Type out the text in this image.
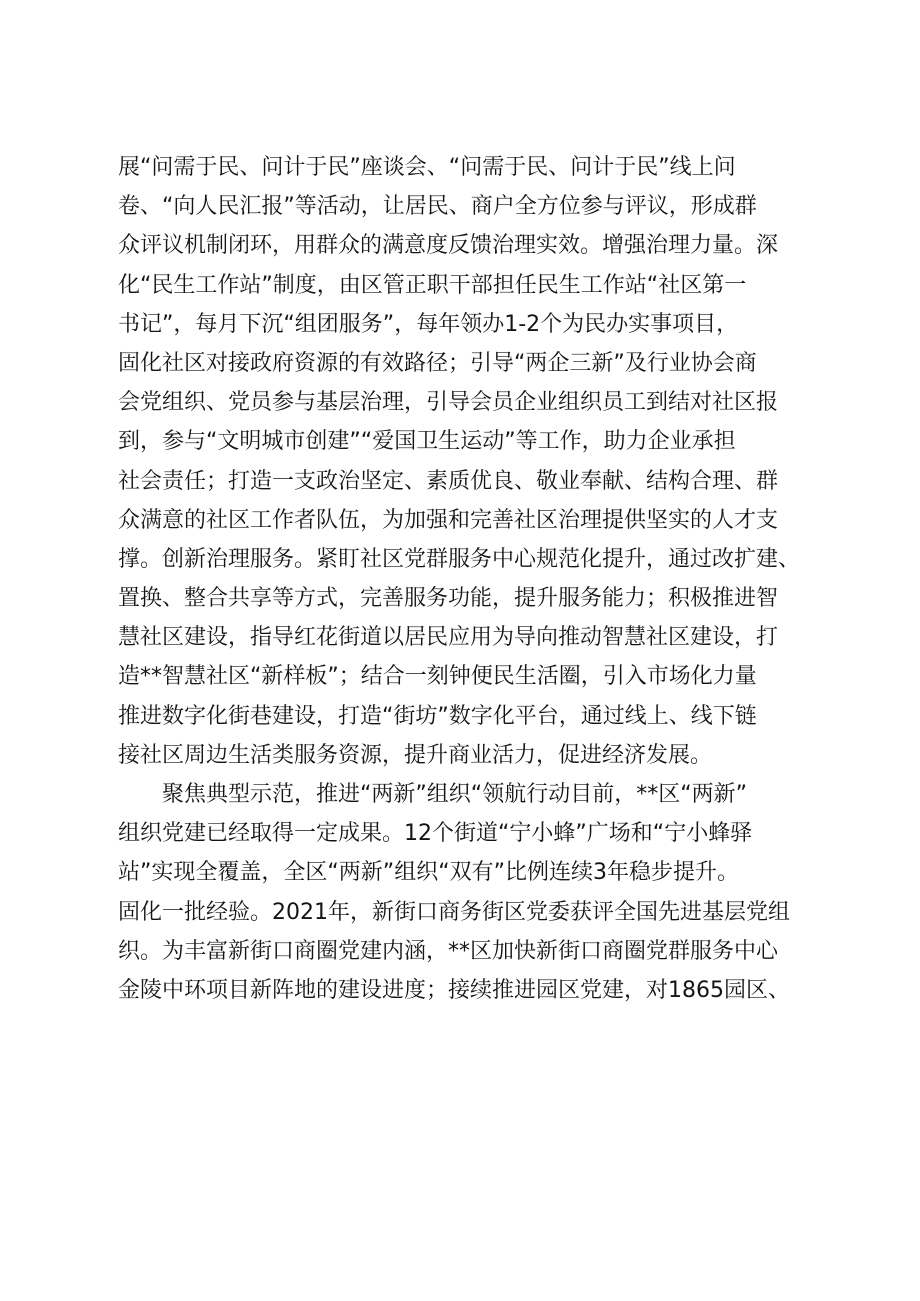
展“问需于民、问计于民”座谈会、“问需于民、问计于民”线上问
卷、“向人民汇报”等活动，让居民、商户全方位参与评议，形成群
众评议机制闭环，用群众的满意度反馈治理实效。增强治理力量。深
化“民生工作站”制度，由区管正职干部担任民生工作站“社区第一
书记”，每月下沉“组团服务”，每年领办1-2个为民办实事项目，
固化社区对接政府资源的有效路径；引导“两企三新”及行业协会商
会党组织、党员参与基层治理，引导会员企业组织员工到结对社区报
到，参与“文明城市创建”“爱国卫生运动”等工作，助力企业承担
社会责任；打造一支政治坚定、素质优良、敬业奉献、结构合理、群
众满意的社区工作者队伍，为加强和完善社区治理提供坚实的人才支
撑。创新治理服务。紧盯社区党群服务中心规范化提升，通过改扩建、
置换、整合共享等方式，完善服务功能，提升服务能力；积极推进智
慧社区建设，指导红花街道以居民应用为导向推动智慧社区建设，打
造**智慧社区“新样板”；结合一刻钟便民生活圈，引入市场化力量
推进数字化街巷建设，打造“街坊”数字化平台，通过线上、线下链
接社区周边生活类服务资源，提升商业活力，促进经济发展。

　　聚焦典型示范，推进“两新”组织“领航行动目前，**区“两新”
组织党建已经取得一定成果。12个街道“宁小蜂”广场和“宁小蜂驿
站”实现全覆盖，全区“两新”组织“双有”比例连续3年稳步提升。
固化一批经验。2021年，新街口商务街区党委获评全国先进基层党组
织。为丰富新街口商圈党建内涵，**区加快新街口商圈党群服务中心
金陵中环项目新阵地的建设进度；接续推进园区党建，对1865园区、
